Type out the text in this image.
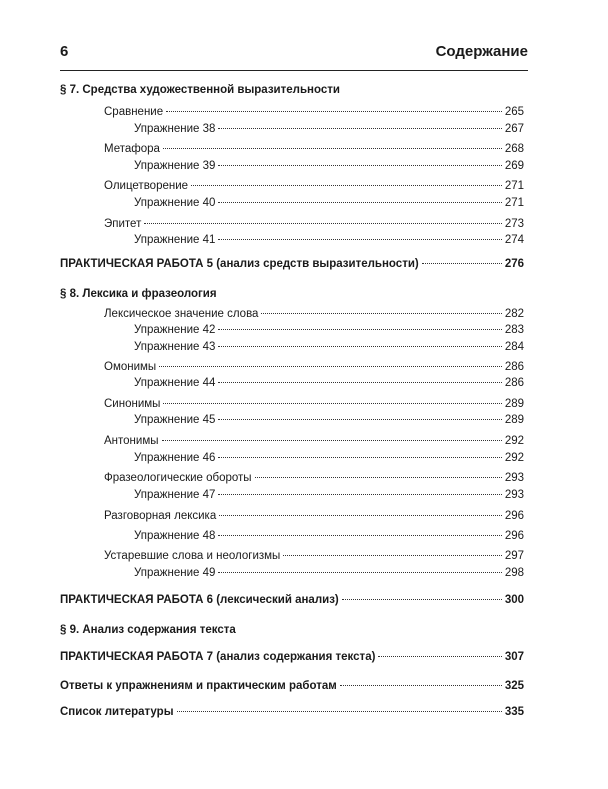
6	Содержание
§ 7. Средства художественной выразительности
Сравнение	265
Упражнение 38	267
Метафора	268
Упражнение 39	269
Олицетворение	271
Упражнение 40	271
Эпитет	273
Упражнение 41	274
ПРАКТИЧЕСКАЯ РАБОТА 5 (анализ средств выразительности)	276
§ 8. Лексика и фразеология
Лексическое значение слова	282
Упражнение 42	283
Упражнение 43	284
Омонимы	286
Упражнение 44	286
Синонимы	289
Упражнение 45	289
Антонимы	292
Упражнение 46	292
Фразеологические обороты	293
Упражнение 47	293
Разговорная лексика	296
Упражнение 48	296
Устаревшие слова и неологизмы	297
Упражнение 49	298
ПРАКТИЧЕСКАЯ РАБОТА 6 (лексический анализ)	300
§ 9. Анализ содержания текста
ПРАКТИЧЕСКАЯ РАБОТА 7 (анализ содержания текста)	307
Ответы к упражнениям и практическим работам	325
Список литературы	335
